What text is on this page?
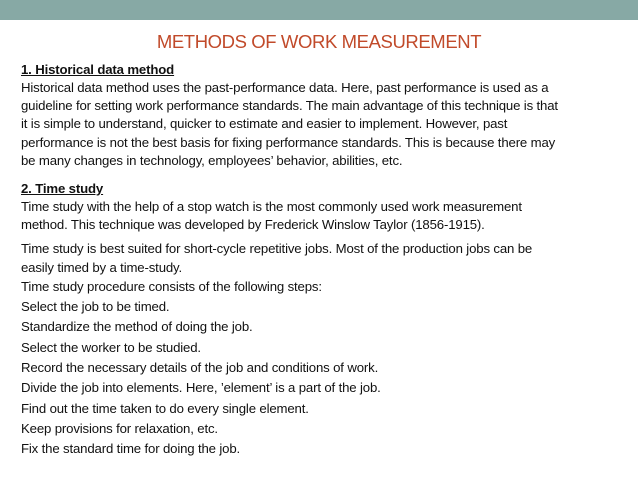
METHODS OF WORK MEASUREMENT
1. Historical data method
Historical data method uses the past-performance data. Here, past performance is used as a
guideline for setting work performance standards. The main advantage of this technique is that
it is simple to understand, quicker to estimate and easier to implement. However, past
performance is not the best basis for fixing performance standards. This is because there may
be many changes in technology, employees’ behavior, abilities, etc.
2. Time study
Time study with the help of a stop watch is the most commonly used work measurement
method. This technique was developed by Frederick Winslow Taylor (1856-1915).
Time study is best suited for short-cycle repetitive jobs. Most of the production jobs can be
easily timed by a time-study.
Time study procedure consists of the following steps:
Select the job to be timed.
Standardize the method of doing the job.
Select the worker to be studied.
Record the necessary details of the job and conditions of work.
Divide the job into elements. Here, ’element’ is a part of the job.
Find out the time taken to do every single element.
Keep provisions for relaxation, etc.
Fix the standard time for doing the job.
